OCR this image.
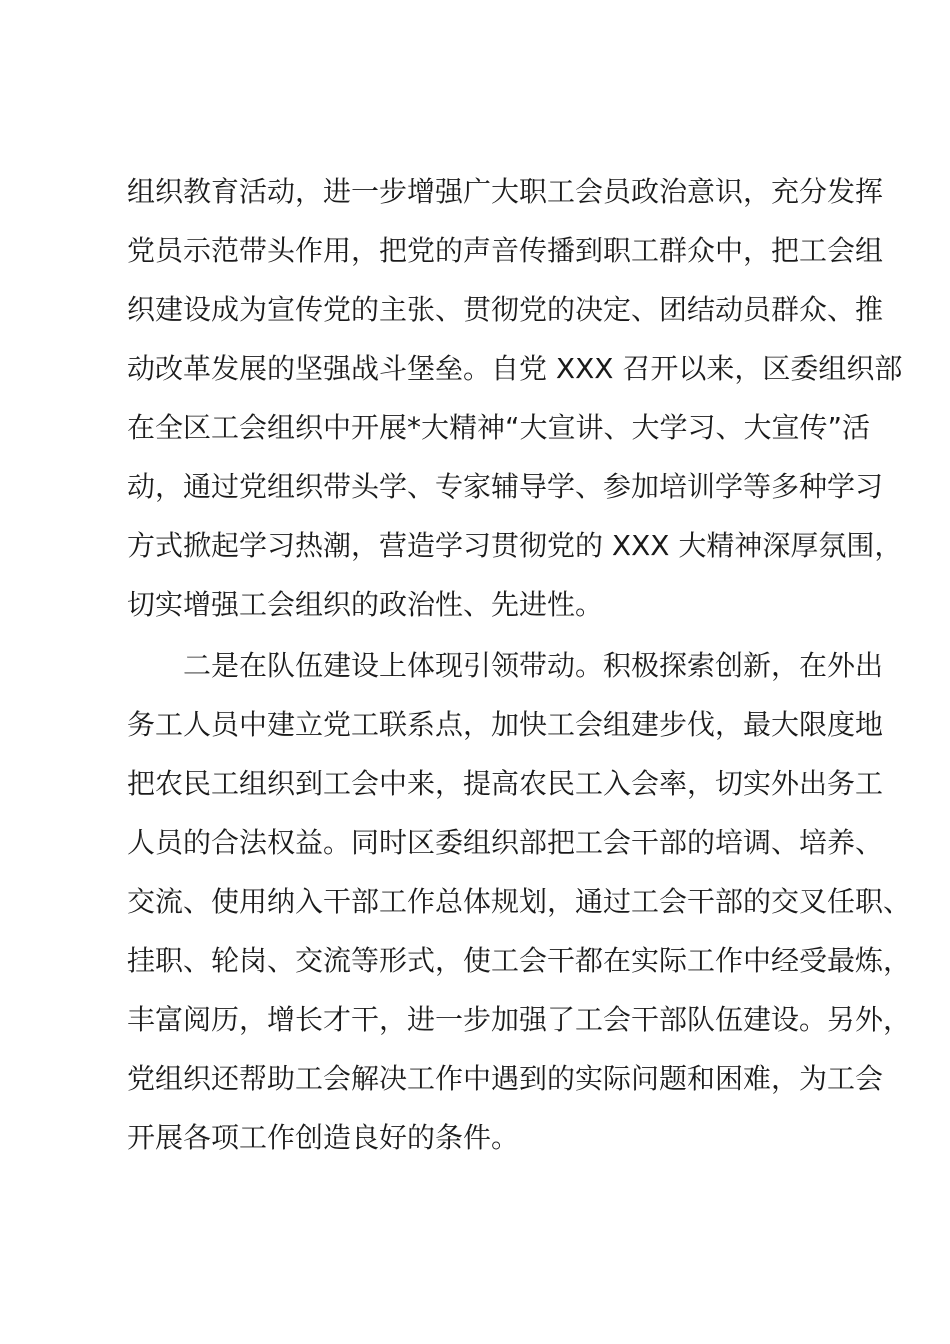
组织教育活动，进一步增强广大职工会员政治意识，充分发挥
党员示范带头作用，把党的声音传播到职工群众中，把工会组
织建设成为宣传党的主张、贯彻党的决定、团结动员群众、推
动改革发展的坚强战斗堡垒。自党 XXX 召开以来，区委组织部
在全区工会组织中开展*大精神“大宣讲、大学习、大宣传”活
动，通过党组织带头学、专家辅导学、参加培训学等多种学习
方式掀起学习热潮，营造学习贯彻党的 XXX 大精神深厚氛围，
切实增强工会组织的政治性、先进性。
二是在队伍建设上体现引领带动。积极探索创新，在外出
务工人员中建立党工联系点，加快工会组建步伐，最大限度地
把农民工组织到工会中来，提高农民工入会率，切实外出务工
人员的合法权益。同时区委组织部把工会干部的培调、培养、
交流、使用纳入干部工作总体规划，通过工会干部的交叉任职、
挂职、轮岗、交流等形式，使工会干都在实际工作中经受最炼，
丰富阅历，增长才干，进一步加强了工会干部队伍建设。另外，
党组织还帮助工会解决工作中遇到的实际问题和困难，为工会
开展各项工作创造良好的条件。
